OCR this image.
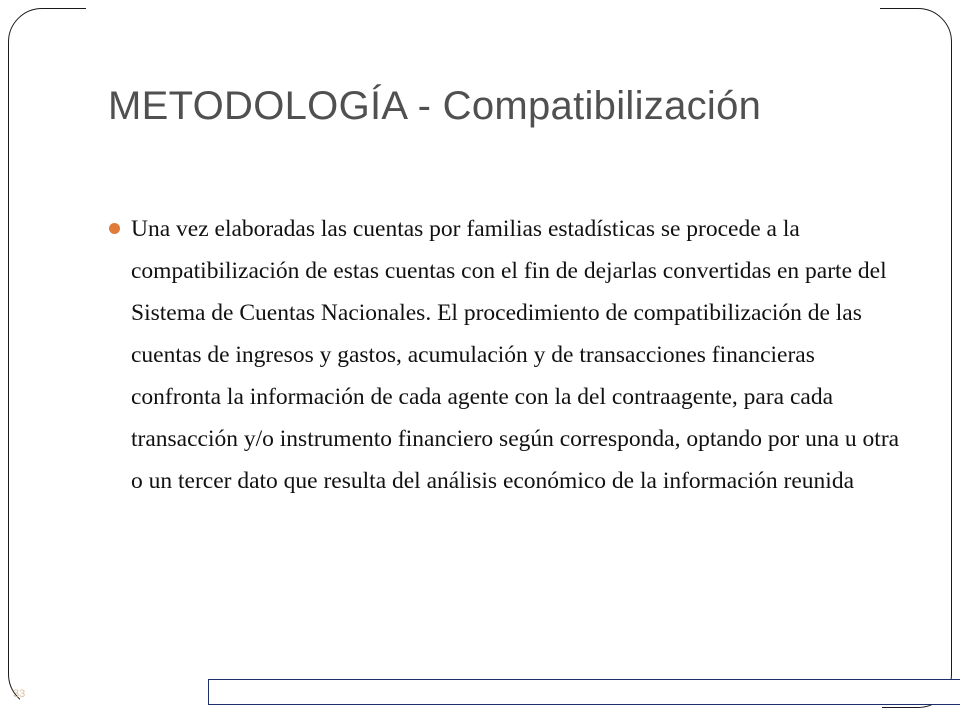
METODOLOGÍA - Compatibilización

Una vez elaboradas las cuentas por familias estadísticas se procede a la compatibilización de estas cuentas con el fin de dejarlas convertidas en parte del Sistema de Cuentas Nacionales. El procedimiento de compatibilización de las cuentas de ingresos y gastos, acumulación y de transacciones financieras confronta la información de cada agente con la del contraagente, para cada transacción y/o instrumento financiero según corresponda, optando por una u otra o un tercer dato que resulta del análisis económico de la información reunida

33
